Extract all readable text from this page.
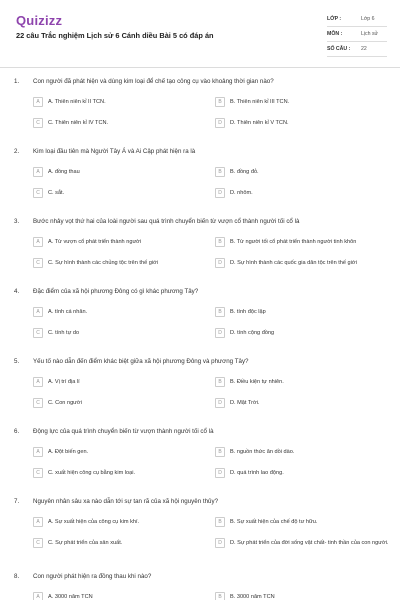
Quizizz
22 câu Trắc nghiệm Lịch sử 6 Cánh diều Bài 5 có đáp án
LỚP :	Lớp 6
MÔN :	Lịch sử
SỐ CÂU :	22
1. Con người đã phát hiện và dùng kim loại để chế tạo công cụ vào khoảng thời gian nào?
A	A. Thiên niên kỉ II TCN.	B	B. Thiên niên kỉ III TCN.
C	C. Thiên niên kỉ IV TCN.	D	D. Thiên niên kỉ V TCN.
2. Kim loại đầu tiên mà Người Tây Á và Ai Cập phát hiện ra là
A	A. đồng thau	B	B. đồng đỏ.
C	C. sắt.	D	D. nhôm.
3. Bước nhảy vọt thứ hai của loài người sau quá trình chuyển biến từ vượn cổ thành người tối cổ là
A	A. Từ vượn cổ phát triển thành người	B	B. Từ người tối cổ phát triển thành người tinh khôn
C	C. Sự hình thành các chủng tộc trên thế giới	D	D. Sự hình thành các quốc gia dân tộc trên thế giới
4. Đặc điểm của xã hội phương Đông có gì khác phương Tây?
A	A. tính cá nhân.	B	B. tính độc lập
C	C. tính tự do	D	D. tính cộng đồng
5. Yếu tố nào dẫn đến điểm khác biệt giữa xã hội phương Đông và phương Tây?
A	A. Vị trí địa lí	B	B. Điều kiện tự nhiên.
C	C. Con người	D	D. Mặt Trời.
6. Động lực của quá trình chuyển biến từ vượn thành người tối cổ là
A	A. Đột biến gen.	B	B. nguồn thức ăn dồi dào.
C	C. xuất hiện công cụ bằng kim loại.	D	D. quá trình lao động.
7. Nguyên nhân sâu xa nào dẫn tới sự tan rã của xã hội nguyên thủy?
A	A. Sự xuất hiện của công cụ kim khí.	B	B. Sự xuất hiện của chế độ tư hữu.
C	C. Sự phát triển của sản xuất.	D	D. Sự phát triển của đời sống vật chất- tinh thần của con người.
8. Con người phát hiện ra đồng thau khi nào?
A	A. 3000 năm TCN	B	B. 3000 năm TCN
